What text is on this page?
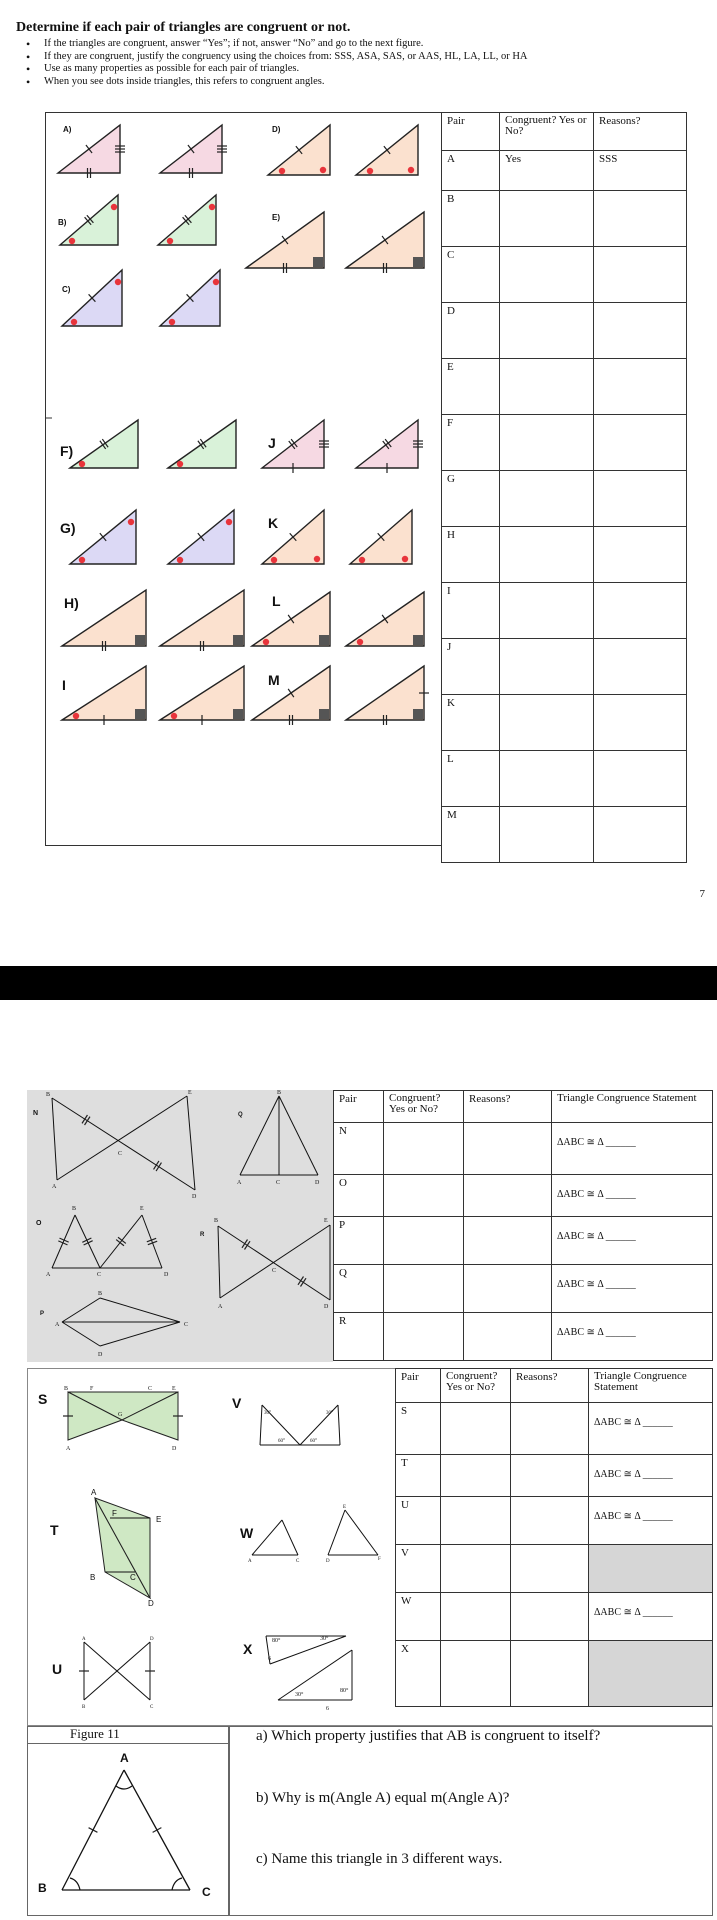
Determine if each pair of triangles are congruent or not.
• If the triangles are congruent, answer “Yes”; if not, answer “No” and go to the next figure.
• If they are congruent, justify the congruency using the choices from: SSS, ASA, SAS, or AAS, HL, LA, LL, or HA
• Use as many properties as possible for each pair of triangles.
• When you see dots inside triangles, this refers to congruent angles.
A)	D)
B)
E)
C)
F)	J
G)	K
H)	L
I	M
Pair	Congruent? Yes or No?	Reasons?
A	Yes	SSS
B		
C		
D		
E		
F		
G		
H		
I		
J		
K		
L		
M		
7
N
B
A
C
E
D
Q
B
A	C	D
O
B	E
A	C	D
R
B
A
C
E
D
P
B
A	C
D
Pair	Congruent? Yes or No?	Reasons?	Triangle Congruence Statement
N			ΔABC ≅ Δ ______
O			ΔABC ≅ Δ ______
P			ΔABC ≅ Δ ______
Q			ΔABC ≅ Δ ______
R			ΔABC ≅ Δ ______
S
B	F	C	E
G
A	D
V
30°	30°
60°	60°
T
A
F
E
B	C
D
W
A	C
E
D	F
U
A	D
B	C
X	80°	30°
30°
80°
6
6
Pair	Congruent? Yes or No?	Reasons?	Triangle Congruence Statement
S			ΔABC ≅ Δ ______
T			ΔABC ≅ Δ ______
U			ΔABC ≅ Δ ______
V			
W			ΔABC ≅ Δ ______
X			
Figure 11
A
B	C
a) Which property justifies that AB is congruent to itself?
b) Why is m(Angle A) equal m(Angle A)?
c) Name this triangle in 3 different ways.
